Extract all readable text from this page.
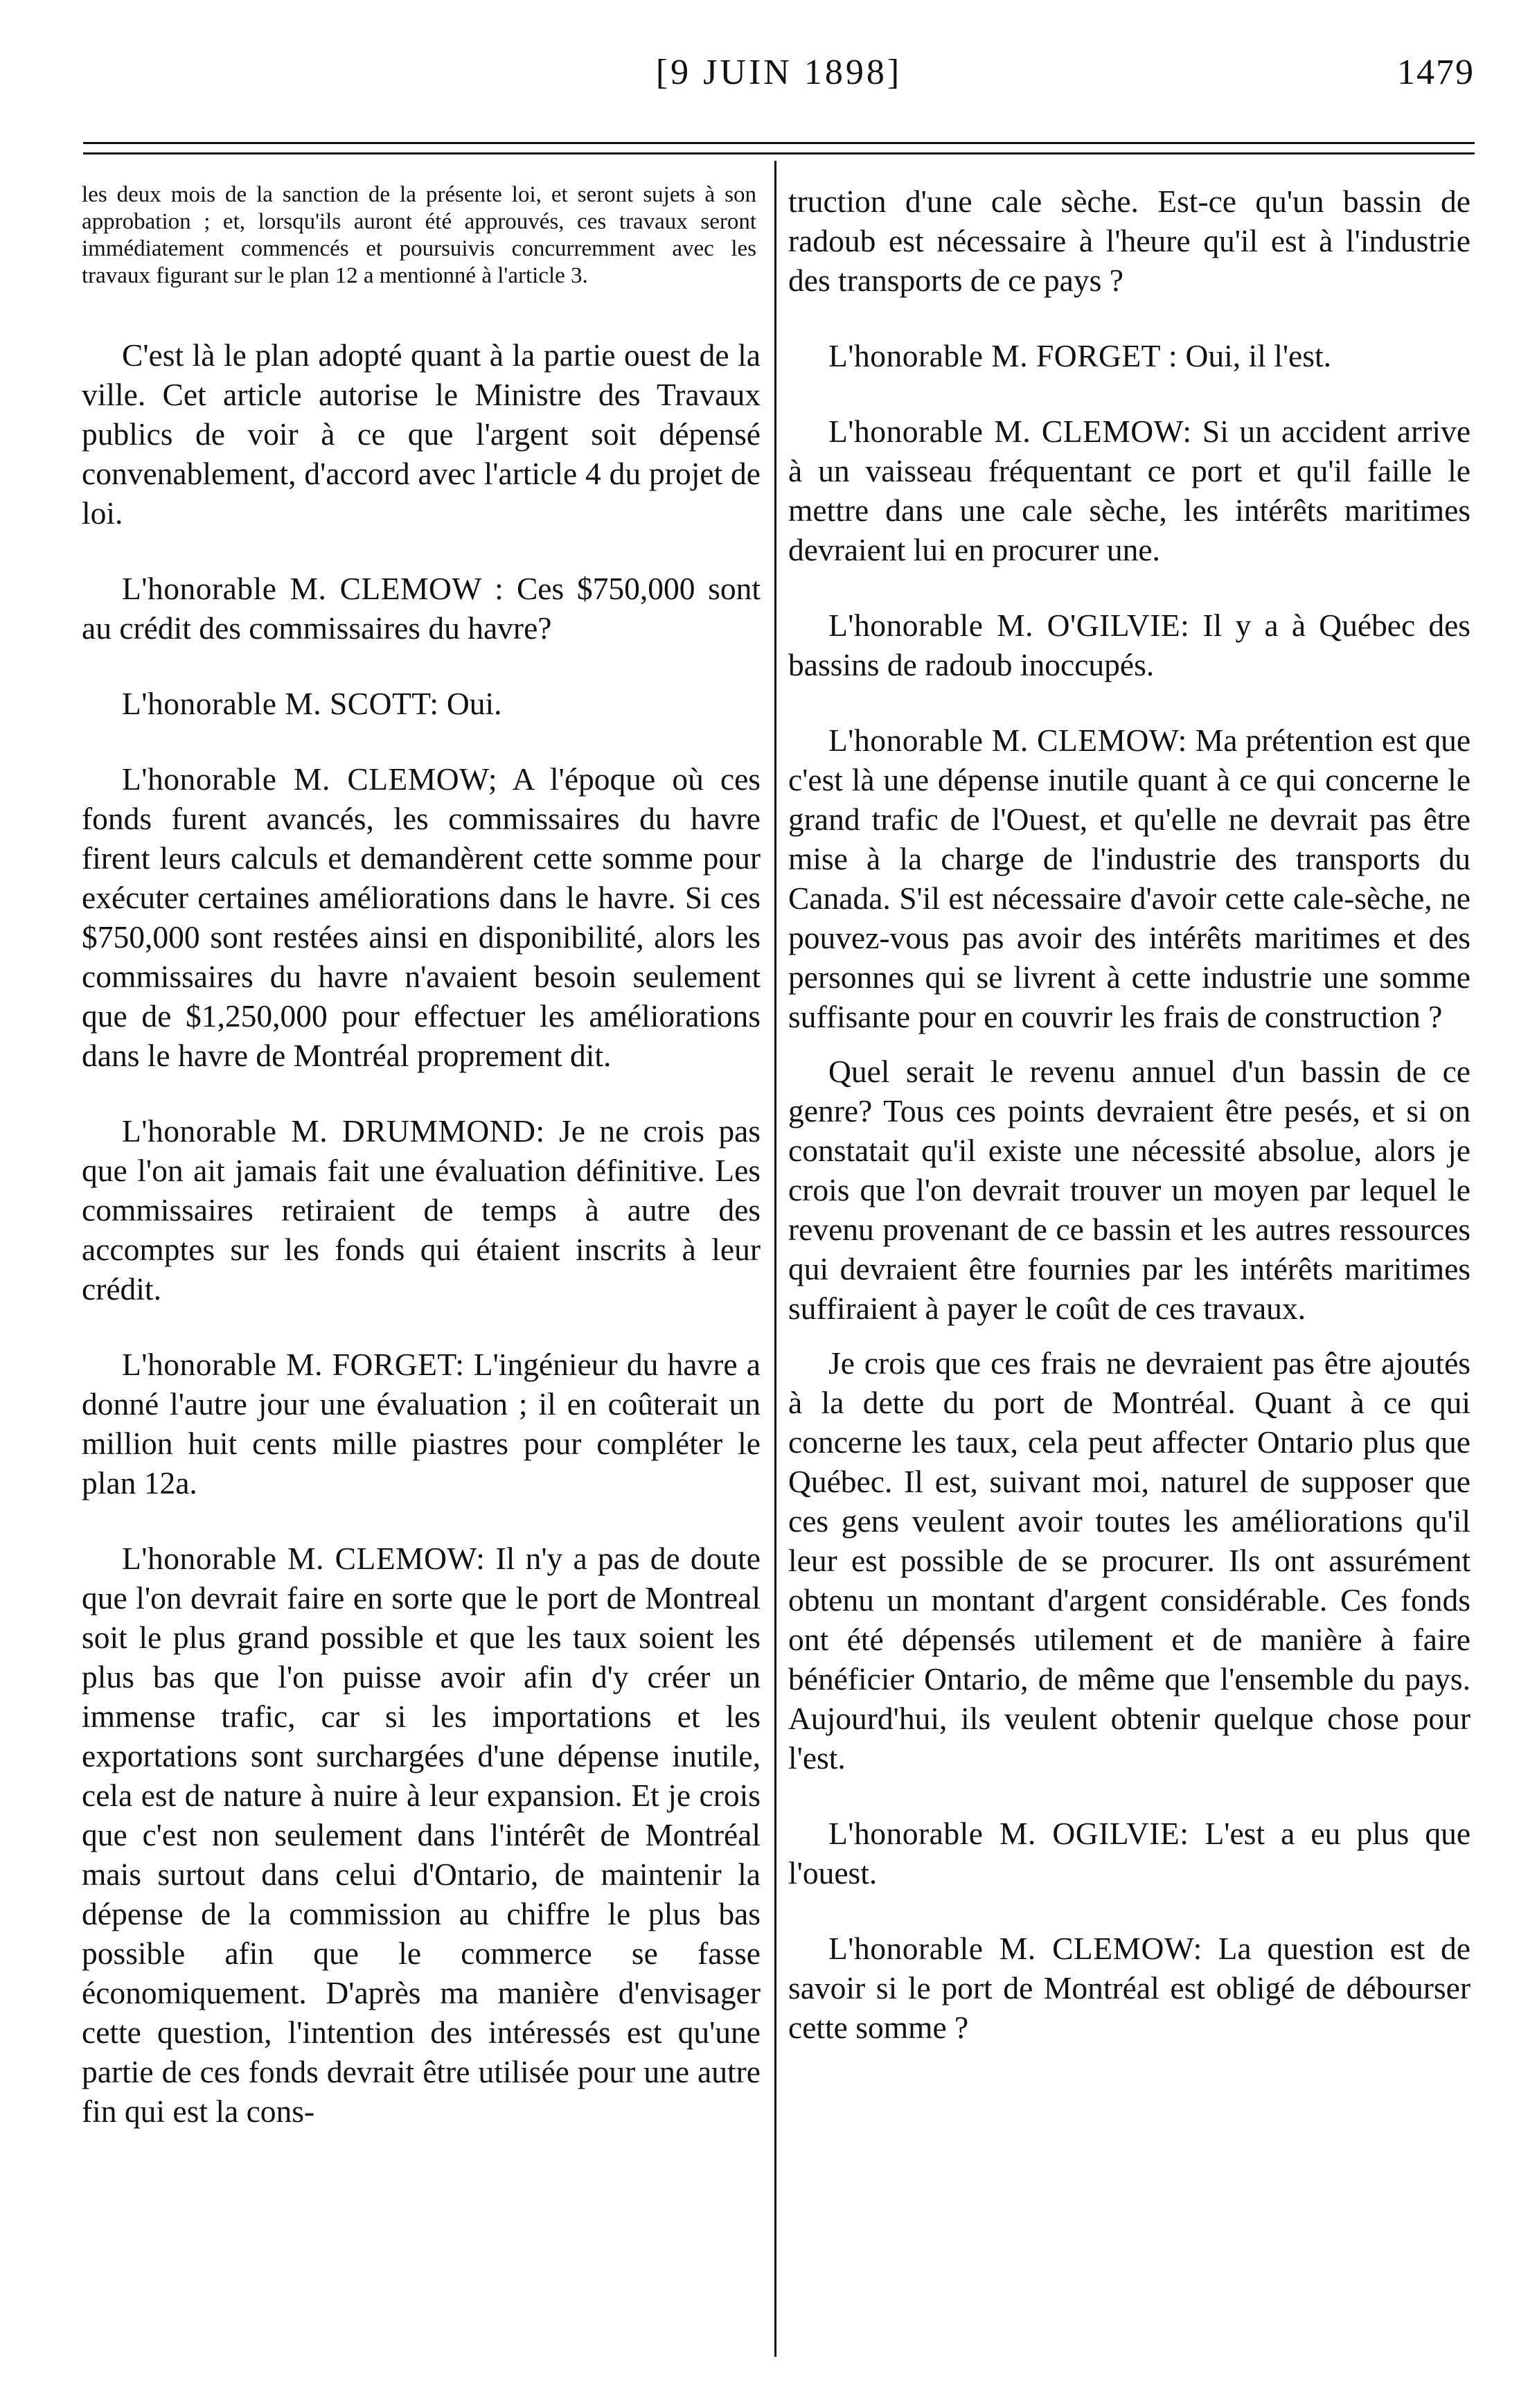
[9 JUIN 1898]	1479

les deux mois de la sanction de la présente loi, et seront sujets à son approbation ; et, lorsqu'ils auront été approuvés, ces travaux seront immédiatement commencés et poursuivis concurremment avec les travaux figurant sur le plan 12 a mentionné à l'article 3.

C'est là le plan adopté quant à la partie ouest de la ville. Cet article autorise le Ministre des Travaux publics de voir à ce que l'argent soit dépensé convenablement, d'accord avec l'article 4 du projet de loi.

L'honorable M. CLEMOW : Ces $750,000 sont au crédit des commissaires du havre?

L'honorable M. SCOTT: Oui.

L'honorable M. CLEMOW; A l'époque où ces fonds furent avancés, les commissaires du havre firent leurs calculs et demandèrent cette somme pour exécuter certaines améliorations dans le havre. Si ces $750,000 sont restées ainsi en disponibilité, alors les commissaires du havre n'avaient besoin seulement que de $1,250,000 pour effectuer les améliorations dans le havre de Montréal proprement dit.

L'honorable M. DRUMMOND: Je ne crois pas que l'on ait jamais fait une évaluation définitive. Les commissaires retiraient de temps à autre des accomptes sur les fonds qui étaient inscrits à leur crédit.

L'honorable M. FORGET: L'ingénieur du havre a donné l'autre jour une évaluation ; il en coûterait un million huit cents mille piastres pour compléter le plan 12a.

L'honorable M. CLEMOW: Il n'y a pas de doute que l'on devrait faire en sorte que le port de Montreal soit le plus grand possible et que les taux soient les plus bas que l'on puisse avoir afin d'y créer un immense trafic, car si les importations et les exportations sont surchargées d'une dépense inutile, cela est de nature à nuire à leur expansion. Et je crois que c'est non seulement dans l'intérêt de Montréal mais surtout dans celui d'Ontario, de maintenir la dépense de la commission au chiffre le plus bas possible afin que le commerce se fasse économiquement. D'après ma manière d'envisager cette question, l'intention des intéressés est qu'une partie de ces fonds devrait être utilisée pour une autre fin qui est la cons-

truction d'une cale sèche. Est-ce qu'un bassin de radoub est nécessaire à l'heure qu'il est à l'industrie des transports de ce pays ?

L'honorable M. FORGET : Oui, il l'est.

L'honorable M. CLEMOW: Si un accident arrive à un vaisseau fréquentant ce port et qu'il faille le mettre dans une cale sèche, les intérêts maritimes devraient lui en procurer une.

L'honorable M. O'GILVIE: Il y a à Québec des bassins de radoub inoccupés.

L'honorable M. CLEMOW: Ma prétention est que c'est là une dépense inutile quant à ce qui concerne le grand trafic de l'Ouest, et qu'elle ne devrait pas être mise à la charge de l'industrie des transports du Canada. S'il est nécessaire d'avoir cette cale-sèche, ne pouvez-vous pas avoir des intérêts maritimes et des personnes qui se livrent à cette industrie une somme suffisante pour en couvrir les frais de construction ?

Quel serait le revenu annuel d'un bassin de ce genre? Tous ces points devraient être pesés, et si on constatait qu'il existe une nécessité absolue, alors je crois que l'on devrait trouver un moyen par lequel le revenu provenant de ce bassin et les autres ressources qui devraient être fournies par les intérêts maritimes suffiraient à payer le coût de ces travaux.

Je crois que ces frais ne devraient pas être ajoutés à la dette du port de Montréal. Quant à ce qui concerne les taux, cela peut affecter Ontario plus que Québec. Il est, suivant moi, naturel de supposer que ces gens veulent avoir toutes les améliorations qu'il leur est possible de se procurer. Ils ont assurément obtenu un montant d'argent considérable. Ces fonds ont été dépensés utilement et de manière à faire bénéficier Ontario, de même que l'ensemble du pays. Aujourd'hui, ils veulent obtenir quelque chose pour l'est.

L'honorable M. OGILVIE: L'est a eu plus que l'ouest.

L'honorable M. CLEMOW: La question est de savoir si le port de Montréal est obligé de débourser cette somme ?
